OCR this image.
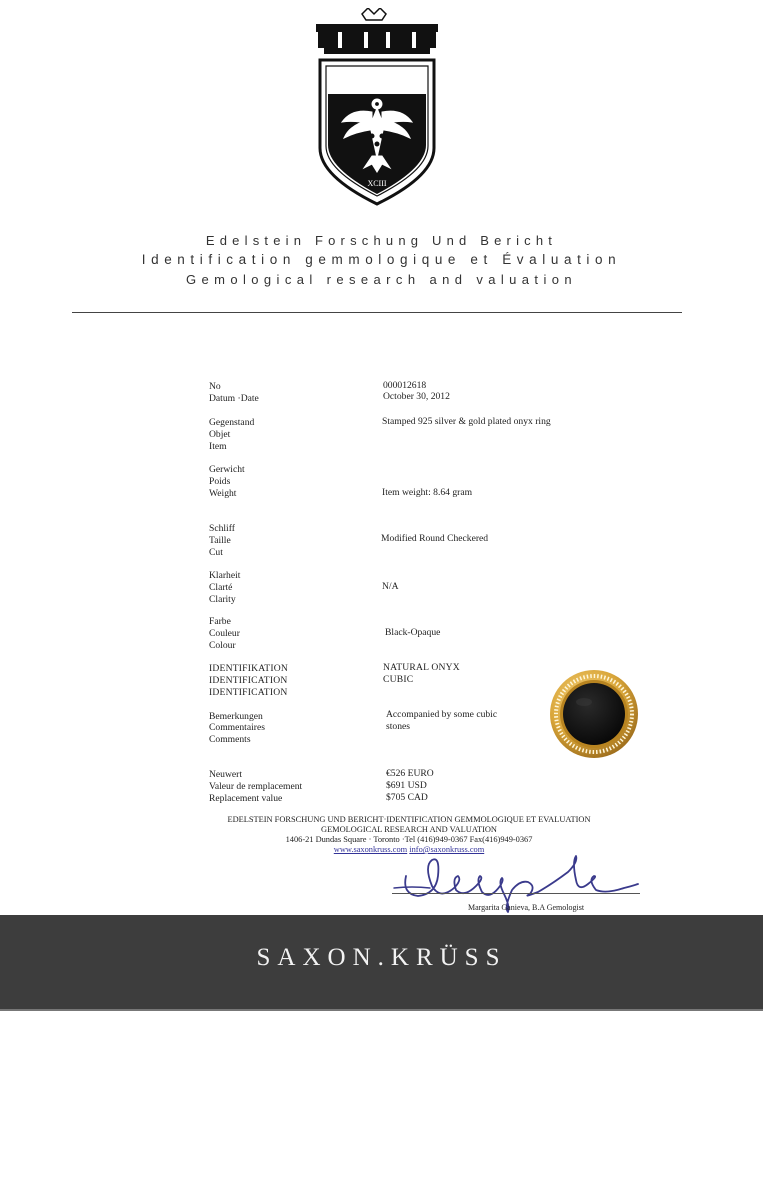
XCIII
Edelstein Forschung Und Bericht
Identification gemmologique et Évaluation
Gemological research and valuation
No
Datum ·Date
000012618
October 30, 2012
Gegenstand
Objet
Item
Stamped 925 silver & gold plated onyx ring
Gerwicht
Poids
Weight	Item weight: 8.64 gram
Schliff
Taille
Cut
Modified Round Checkered
Klarheit
Clarté
Clarity
N/A
Farbe
Couleur
Colour
Black-Opaque
IDENTIFIKATION
IDENTIFICATION
IDENTIFICATION
NATURAL ONYX
CUBIC
Bemerkungen
Commentaires
Comments
Accompanied by some cubic
stones
Neuwert
Valeur de remplacement
Replacement value
€526 EURO
$691 USD
$705 CAD
EDELSTEIN FORSCHUNG UND BERICHT·IDENTIFICATION GEMMOLOGIQUE ET EVALUATION
GEMOLOGICAL RESEARCH AND VALUATION
1406-21 Dundas Square · Toronto ·Tel (416)949-0367 Fax(416)949-0367
www.saxonkruss.com info@saxonkruss.com
Margarita Ganieva, B.A Gemologist
SAXON.KRÜSS
